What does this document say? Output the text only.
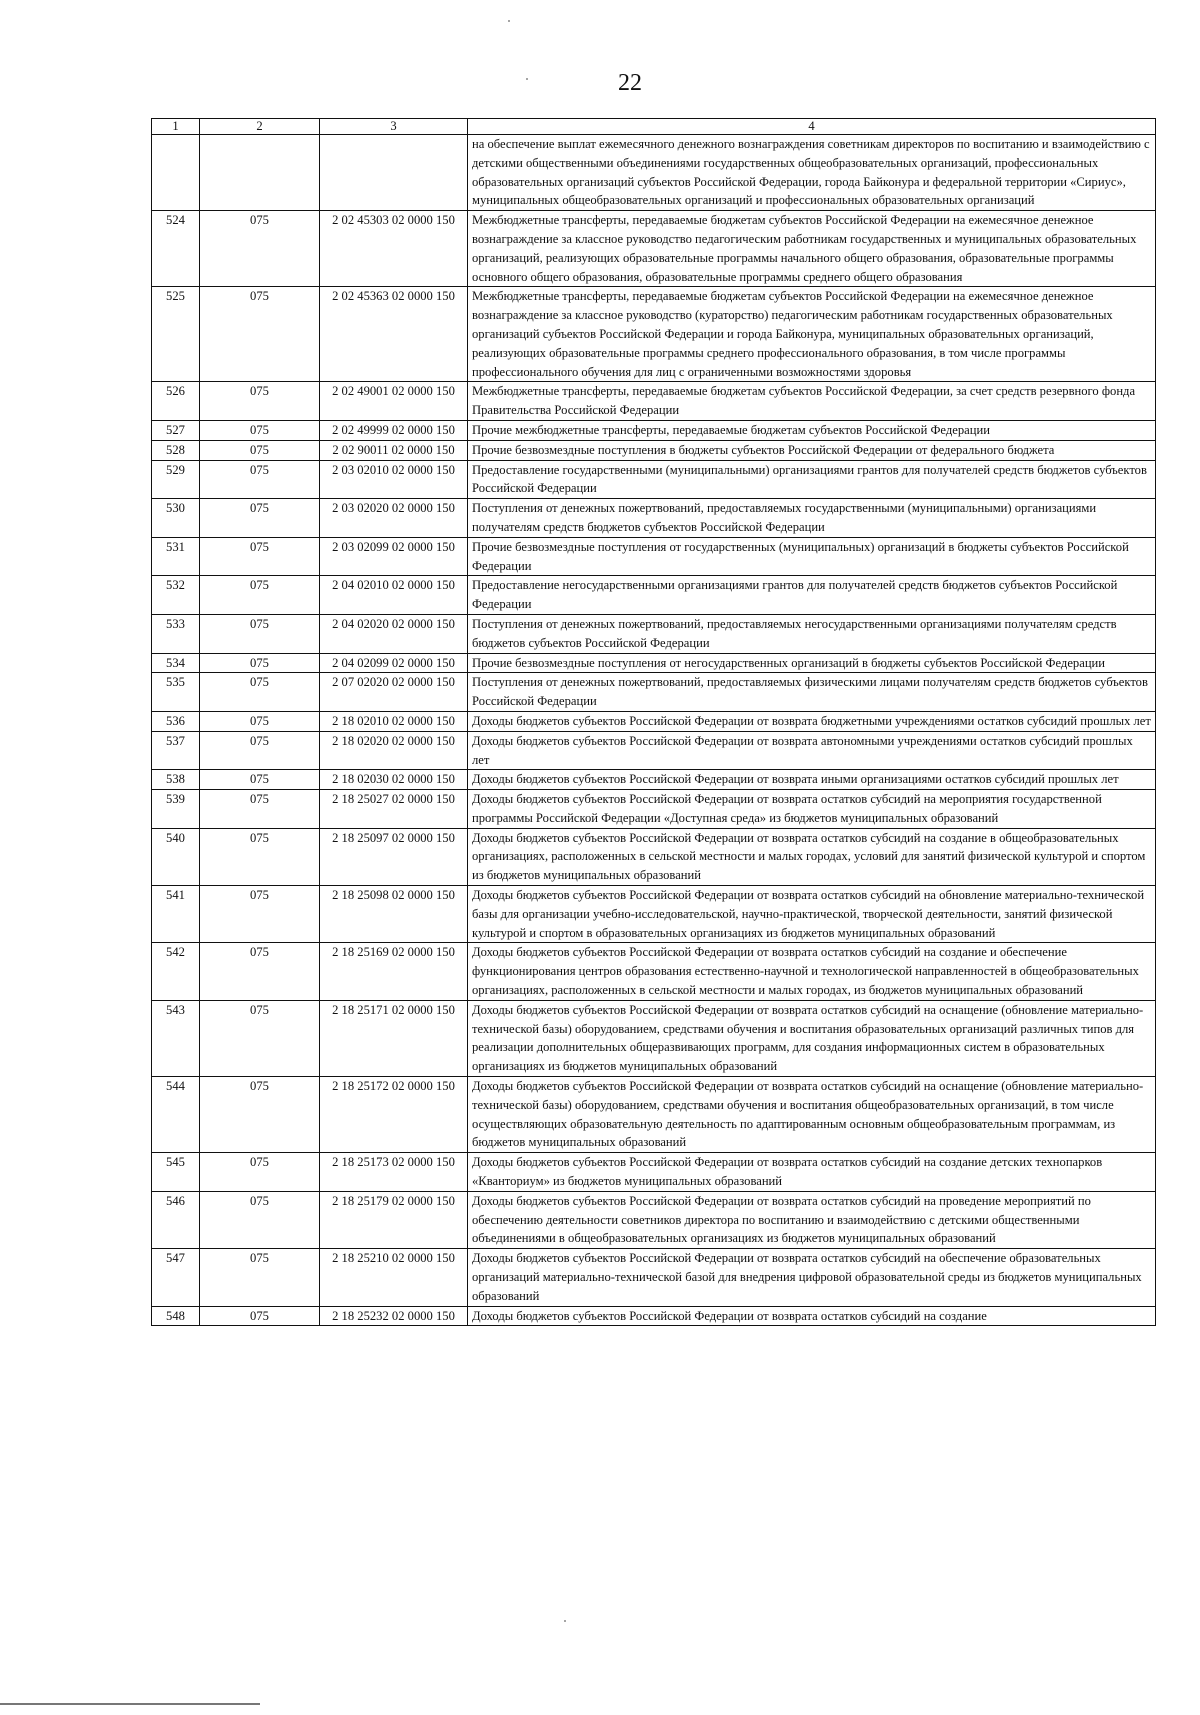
22
1	2	3	4
			на обеспечение выплат ежемесячного денежного вознаграждения советникам директоров по воспитанию и взаимодействию с детскими общественными объединениями государственных общеобразовательных организаций, профессиональных образовательных организаций субъектов Российской Федерации, города Байконура и федеральной территории «Сириус», муниципальных общеобразовательных организаций и профессиональных образовательных организаций
524	075	2 02 45303 02 0000 150	Межбюджетные трансферты, передаваемые бюджетам субъектов Российской Федерации на ежемесячное денежное вознаграждение за классное руководство педагогическим работникам государственных и муниципальных образовательных организаций, реализующих образовательные программы начального общего образования, образовательные программы основного общего образования, образовательные программы среднего общего образования
525	075	2 02 45363 02 0000 150	Межбюджетные трансферты, передаваемые бюджетам субъектов Российской Федерации на ежемесячное денежное вознаграждение за классное руководство (кураторство) педагогическим работникам государственных образовательных организаций субъектов Российской Федерации и города Байконура, муниципальных образовательных организаций, реализующих образовательные программы среднего профессионального образования, в том числе программы профессионального обучения для лиц с ограниченными возможностями здоровья
526	075	2 02 49001 02 0000 150	Межбюджетные трансферты, передаваемые бюджетам субъектов Российской Федерации, за счет средств резервного фонда Правительства Российской Федерации
527	075	2 02 49999 02 0000 150	Прочие межбюджетные трансферты, передаваемые бюджетам субъектов Российской Федерации
528	075	2 02 90011 02 0000 150	Прочие безвозмездные поступления в бюджеты субъектов Российской Федерации от федерального бюджета
529	075	2 03 02010 02 0000 150	Предоставление государственными (муниципальными) организациями грантов для получателей средств бюджетов субъектов Российской Федерации
530	075	2 03 02020 02 0000 150	Поступления от денежных пожертвований, предоставляемых государственными (муниципальными) организациями получателям средств бюджетов субъектов Российской Федерации
531	075	2 03 02099 02 0000 150	Прочие безвозмездные поступления от государственных (муниципальных) организаций в бюджеты субъектов Российской Федерации
532	075	2 04 02010 02 0000 150	Предоставление негосударственными организациями грантов для получателей средств бюджетов субъектов Российской Федерации
533	075	2 04 02020 02 0000 150	Поступления от денежных пожертвований, предоставляемых негосударственными организациями получателям средств бюджетов субъектов Российской Федерации
534	075	2 04 02099 02 0000 150	Прочие безвозмездные поступления от негосударственных организаций в бюджеты субъектов Российской Федерации
535	075	2 07 02020 02 0000 150	Поступления от денежных пожертвований, предоставляемых физическими лицами получателям средств бюджетов субъектов Российской Федерации
536	075	2 18 02010 02 0000 150	Доходы бюджетов субъектов Российской Федерации от возврата бюджетными учреждениями остатков субсидий прошлых лет
537	075	2 18 02020 02 0000 150	Доходы бюджетов субъектов Российской Федерации от возврата автономными учреждениями остатков субсидий прошлых лет
538	075	2 18 02030 02 0000 150	Доходы бюджетов субъектов Российской Федерации от возврата иными организациями остатков субсидий прошлых лет
539	075	2 18 25027 02 0000 150	Доходы бюджетов субъектов Российской Федерации от возврата остатков субсидий на мероприятия государственной программы Российской Федерации «Доступная среда» из бюджетов муниципальных образований
540	075	2 18 25097 02 0000 150	Доходы бюджетов субъектов Российской Федерации от возврата остатков субсидий на создание в общеобразовательных организациях, расположенных в сельской местности и малых городах, условий для занятий физической культурой и спортом из бюджетов муниципальных образований
541	075	2 18 25098 02 0000 150	Доходы бюджетов субъектов Российской Федерации от возврата остатков субсидий на обновление материально-технической базы для организации учебно-исследовательской, научно-практической, творческой деятельности, занятий физической культурой и спортом в образовательных организациях из бюджетов муниципальных образований
542	075	2 18 25169 02 0000 150	Доходы бюджетов субъектов Российской Федерации от возврата остатков субсидий на создание и обеспечение функционирования центров образования естественно-научной и технологической направленностей в общеобразовательных организациях, расположенных в сельской местности и малых городах, из бюджетов муниципальных образований
543	075	2 18 25171 02 0000 150	Доходы бюджетов субъектов Российской Федерации от возврата остатков субсидий на оснащение (обновление материально-технической базы) оборудованием, средствами обучения и воспитания образовательных организаций различных типов для реализации дополнительных общеразвивающих программ, для создания информационных систем в образовательных организациях из бюджетов муниципальных образований
544	075	2 18 25172 02 0000 150	Доходы бюджетов субъектов Российской Федерации от возврата остатков субсидий на оснащение (обновление материально-технической базы) оборудованием, средствами обучения и воспитания общеобразовательных организаций, в том числе осуществляющих образовательную деятельность по адаптированным основным общеобразовательным программам, из бюджетов муниципальных образований
545	075	2 18 25173 02 0000 150	Доходы бюджетов субъектов Российской Федерации от возврата остатков субсидий на создание детских технопарков «Кванториум» из бюджетов муниципальных образований
546	075	2 18 25179 02 0000 150	Доходы бюджетов субъектов Российской Федерации от возврата остатков субсидий на проведение мероприятий по обеспечению деятельности советников директора по воспитанию и взаимодействию с детскими общественными объединениями в общеобразовательных организациях из бюджетов муниципальных образований
547	075	2 18 25210 02 0000 150	Доходы бюджетов субъектов Российской Федерации от возврата остатков субсидий на обеспечение образовательных организаций материально-технической базой для внедрения цифровой образовательной среды из бюджетов муниципальных образований
548	075	2 18 25232 02 0000 150	Доходы бюджетов субъектов Российской Федерации от возврата остатков субсидий на создание
